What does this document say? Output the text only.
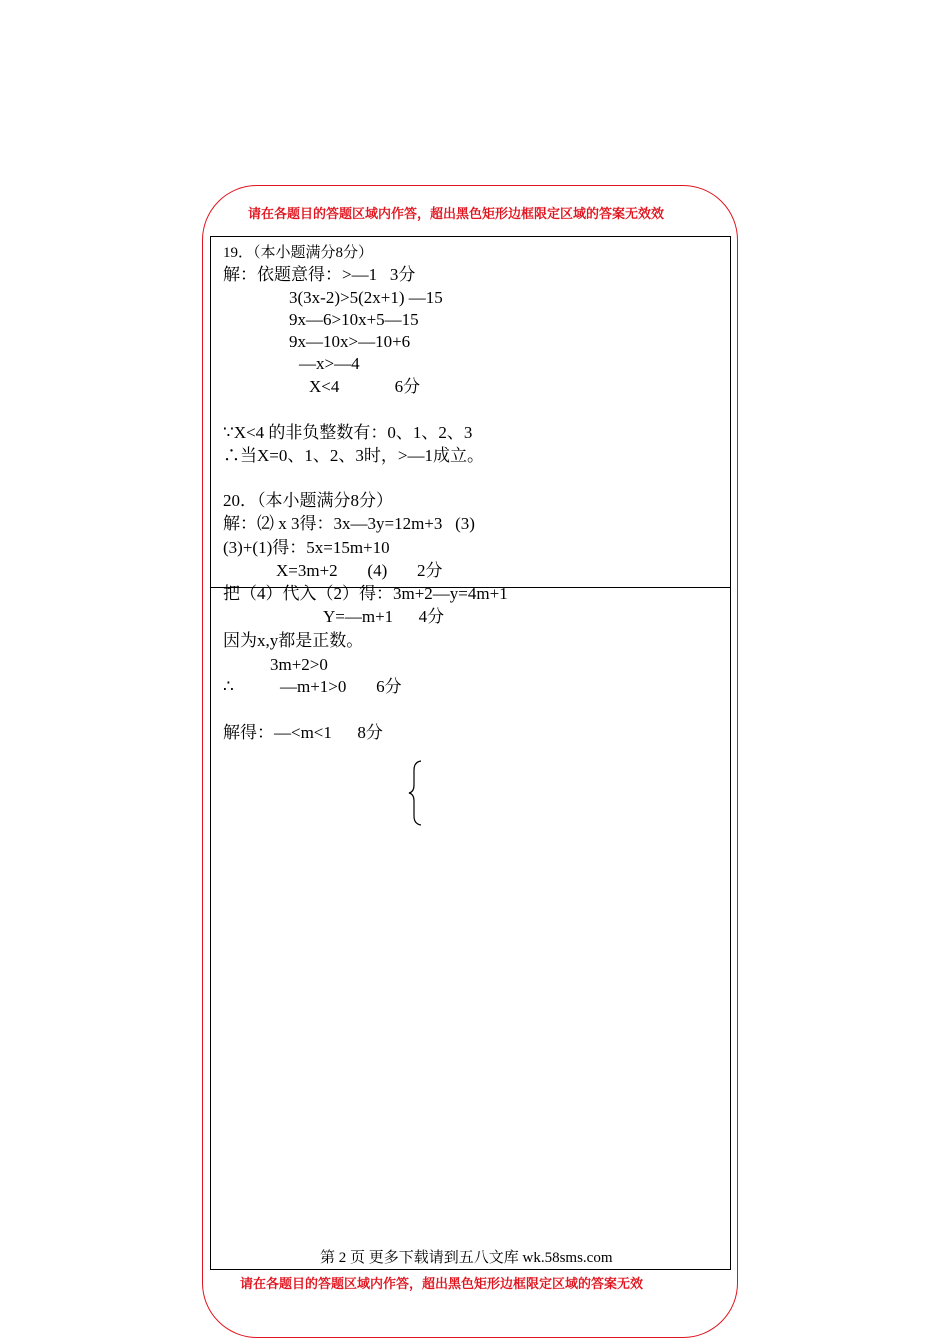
请在各题目的答题区域内作答，超出黑色矩形边框限定区域的答案无效效
19．（本小题满分8分）
解：依题意得：>—1   3分
3(3x-2)>5(2x+1) —15
9x—6>10x+5—15
9x—10x>—10+6
—x>—4
X<4             6分
∵X<4 的非负整数有：0、1、2、3
∴当X=0、1、2、3时，>—1成立。
20．（本小题满分8分）
解：⑵ x 3得：3x—3y=12m+3   (3)
(3)+(1)得：5x=15m+10
X=3m+2       (4)       2分
把（4）代入（2）得：3m+2—y=4m+1
Y=—m+1      4分
因为x,y都是正数。
3m+2>0
∴	—m+1>0       6分
解得：—<m<1      8分
第 2 页 更多下载请到五八文库 wk.58sms.com
请在各题目的答题区域内作答，超出黑色矩形边框限定区域的答案无效
